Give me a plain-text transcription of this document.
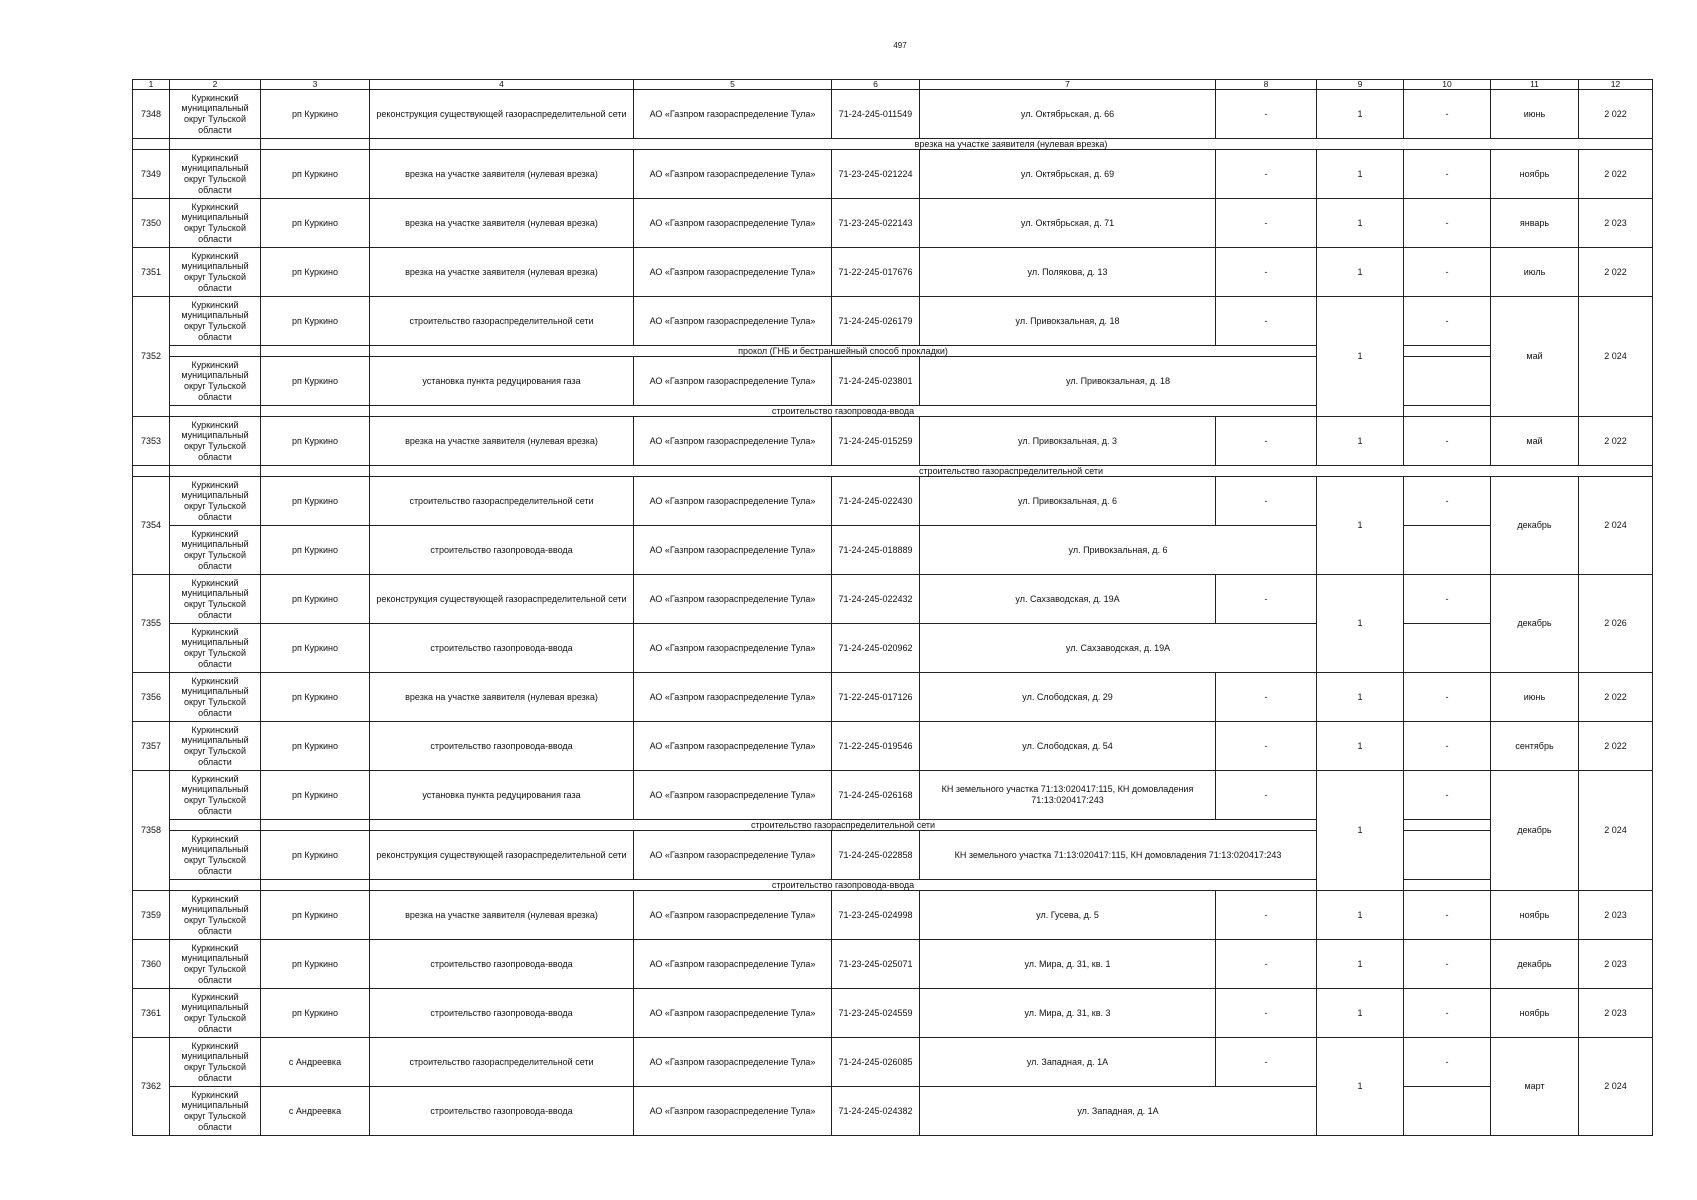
497
1	2	3	4	5	6	7	8	9	10	11	12
7348	Куркинский муниципальный округ Тульской области	рп Куркино	реконструкция существующей газораспределительной сети	АО «Газпром газораспределение Тула»	71-24-245-011549	ул. Октябрьская, д. 66	-	1	-	июнь	2 022
			врезка на участке заявителя (нулевая врезка)								
7349	Куркинский муниципальный округ Тульской области	рп Куркино	врезка на участке заявителя (нулевая врезка)	АО «Газпром газораспределение Тула»	71-23-245-021224	ул. Октябрьская, д. 69	-	1	-	ноябрь	2 022
7350	Куркинский муниципальный округ Тульской области	рп Куркино	врезка на участке заявителя (нулевая врезка)	АО «Газпром газораспределение Тула»	71-23-245-022143	ул. Октябрьская, д. 71	-	1	-	январь	2 023
7351	Куркинский муниципальный округ Тульской области	рп Куркино	врезка на участке заявителя (нулевая врезка)	АО «Газпром газораспределение Тула»	71-22-245-017676	ул. Полякова, д. 13	-	1	-	июль	2 022
7352	Куркинский муниципальный округ Тульской области	рп Куркино	строительство газораспределительной сети	АО «Газпром газораспределение Тула»	71-24-245-026179	ул. Привокзальная, д. 18	-	1	-	май	2 024
			прокол (ГНБ и бестраншейный способ прокладки)								
	Куркинский муниципальный округ Тульской области	рп Куркино	установка пункта редуцирования газа	АО «Газпром газораспределение Тула»	71-24-245-023801	ул. Привокзальная, д. 18					
			строительство газопровода-ввода								
7353	Куркинский муниципальный округ Тульской области	рп Куркино	врезка на участке заявителя (нулевая врезка)	АО «Газпром газораспределение Тула»	71-24-245-015259	ул. Привокзальная, д. 3	-	1	-	май	2 022
			строительство газораспределительной сети								
7354	Куркинский муниципальный округ Тульской области	рп Куркино	строительство газораспределительной сети	АО «Газпром газораспределение Тула»	71-24-245-022430	ул. Привокзальная, д. 6	-	1	-	декабрь	2 024
	Куркинский муниципальный округ Тульской области	рп Куркино	строительство газопровода-ввода	АО «Газпром газораспределение Тула»	71-24-245-018889	ул. Привокзальная, д. 6					
7355	Куркинский муниципальный округ Тульской области	рп Куркино	реконструкция существующей газораспределительной сети	АО «Газпром газораспределение Тула»	71-24-245-022432	ул. Сахзаводская, д. 19А	-	1	-	декабрь	2 026
	Куркинский муниципальный округ Тульской области	рп Куркино	строительство газопровода-ввода	АО «Газпром газораспределение Тула»	71-24-245-020962	ул. Сахзаводская, д. 19А					
7356	Куркинский муниципальный округ Тульской области	рп Куркино	врезка на участке заявителя (нулевая врезка)	АО «Газпром газораспределение Тула»	71-22-245-017126	ул. Слободская, д. 29	-	1	-	июнь	2 022
7357	Куркинский муниципальный округ Тульской области	рп Куркино	строительство газопровода-ввода	АО «Газпром газораспределение Тула»	71-22-245-019546	ул. Слободская, д. 54	-	1	-	сентябрь	2 022
7358	Куркинский муниципальный округ Тульской области	рп Куркино	установка пункта редуцирования газа	АО «Газпром газораспределение Тула»	71-24-245-026168	КН земельного участка 71:13:020417:115, КН домовладения 71:13:020417:243	-	1	-	декабрь	2 024
			строительство газораспределительной сети								
	Куркинский муниципальный округ Тульской области	рп Куркино	реконструкция существующей газораспределительной сети	АО «Газпром газораспределение Тула»	71-24-245-022858	КН земельного участка 71:13:020417:115, КН домовладения 71:13:020417:243					
			строительство газопровода-ввода								
7359	Куркинский муниципальный округ Тульской области	рп Куркино	врезка на участке заявителя (нулевая врезка)	АО «Газпром газораспределение Тула»	71-23-245-024998	ул. Гусева, д. 5	-	1	-	ноябрь	2 023
7360	Куркинский муниципальный округ Тульской области	рп Куркино	строительство газопровода-ввода	АО «Газпром газораспределение Тула»	71-23-245-025071	ул. Мира, д. 31, кв. 1	-	1	-	декабрь	2 023
7361	Куркинский муниципальный округ Тульской области	рп Куркино	строительство газопровода-ввода	АО «Газпром газораспределение Тула»	71-23-245-024559	ул. Мира, д. 31, кв. 3	-	1	-	ноябрь	2 023
7362	Куркинский муниципальный округ Тульской области	с Андреевка	строительство газораспределительной сети	АО «Газпром газораспределение Тула»	71-24-245-026085	ул. Западная, д. 1А	-	1	-	март	2 024
	Куркинский муниципальный округ Тульской области	с Андреевка	строительство газопровода-ввода	АО «Газпром газораспределение Тула»	71-24-245-024382	ул. Западная, д. 1А					
